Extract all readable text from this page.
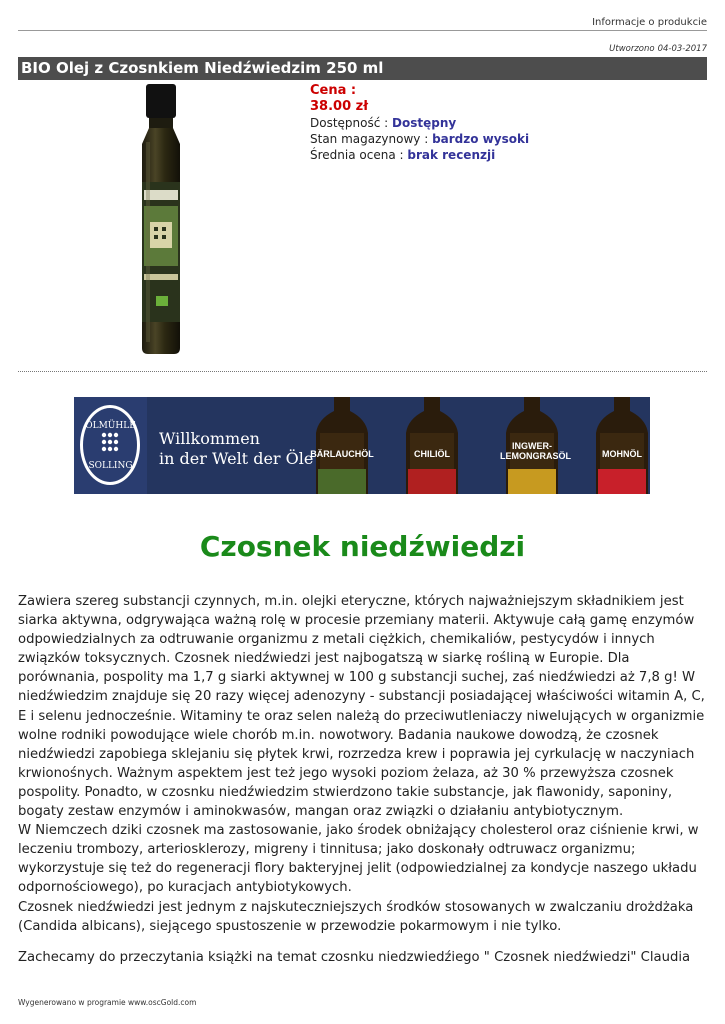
Informacje o produkcie
Utworzono 04-03-2017
BIO Olej z Czosnkiem Niedźwiedzim 250 ml
Cena :
38.00 zł
Dostępność : Dostępny
Stan magazynowy : bardzo wysoki
Średnia ocena : brak recenzji
ÖLMÜHLE
SOLLING
Willkommen
in der Welt der Öle
BÄRLAUCHÖL	CHILIÖL
INGWER-
LEMONGRASÖL	MOHNÖL
Czosnek niedźwiedzi

Zawiera szereg substancji czynnych, m.in. olejki eteryczne, których najważniejszym składnikiem jest siarka aktywna, odgrywająca ważną rolę w procesie przemiany materii. Aktywuje całą gamę enzymów odpowiedzialnych za odtruwanie organizmu z metali ciężkich, chemikaliów, pestycydów i innych związków toksycznych. Czosnek niedźwiedzi jest najbogatszą w siarkę rośliną w Europie. Dla porównania, pospolity ma 1,7 g siarki aktywnej w 100 g substancji suchej, zaś niedźwiedzi aż 7,8 g! W niedźwiedzim znajduje się 20 razy więcej adenozyny - substancji posiadającej właściwości witamin A, C, E i selenu jednocześnie. Witaminy te oraz selen należą do przeciwutleniaczy niwelujących w organizmie wolne rodniki powodujące wiele chorób m.in. nowotwory. Badania naukowe dowodzą, że czosnek niedźwiedzi zapobiega sklejaniu się płytek krwi, rozrzedza krew i poprawia jej cyrkulację w naczyniach krwionośnych. Ważnym aspektem jest też jego wysoki poziom żelaza, aż 30 % przewyższa czosnek pospolity. Ponadto, w czosnku niedźwiedzim stwierdzono takie substancje, jak flawonidy, saponiny, bogaty zestaw enzymów i aminokwasów, mangan oraz związki o działaniu antybiotycznym.

W Niemczech dziki czosnek ma zastosowanie, jako środek obniżający cholesterol oraz ciśnienie krwi, w leczeniu trombozy, arteriosklerozy, migreny i tinnitusa; jako doskonały odtruwacz organizmu; wykorzystuje się też do regeneracji flory bakteryjnej jelit (odpowiedzialnej za kondycje naszego układu odpornościowego), po kuracjach antybiotykowych.

Czosnek niedźwiedzi jest jednym z najskuteczniejszych środków stosowanych w zwalczaniu drożdżaka (Candida albicans), siejącego spustoszenie w przewodzie pokarmowym i nie tylko.

Zachecamy do przeczytania książki na temat czosnku niedzwiedźiego " Czosnek niedźwiedzi" Claudia

Wygenerowano w programie www.oscGold.com
